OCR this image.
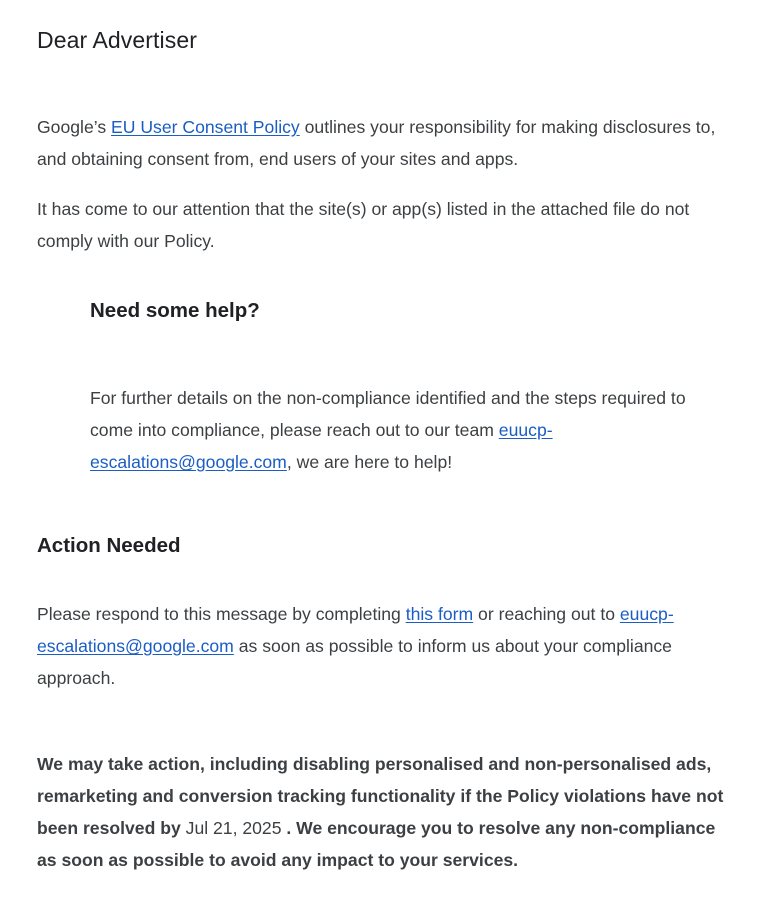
Dear Advertiser

Google’s EU User Consent Policy outlines your responsibility for making disclosures to, and obtaining consent from, end users of your sites and apps.

It has come to our attention that the site(s) or app(s) listed in the attached file do not comply with our Policy.

Need some help?

For further details on the non-compliance identified and the steps required to come into compliance, please reach out to our team euucp-escalations@google.com, we are here to help!

Action Needed

Please respond to this message by completing this form or reaching out to euucp-escalations@google.com as soon as possible to inform us about your compliance approach.

We may take action, including disabling personalised and non-personalised ads, remarketing and conversion tracking functionality if the Policy violations have not been resolved by Jul 21, 2025 . We encourage you to resolve any non-compliance as soon as possible to avoid any impact to your services.
